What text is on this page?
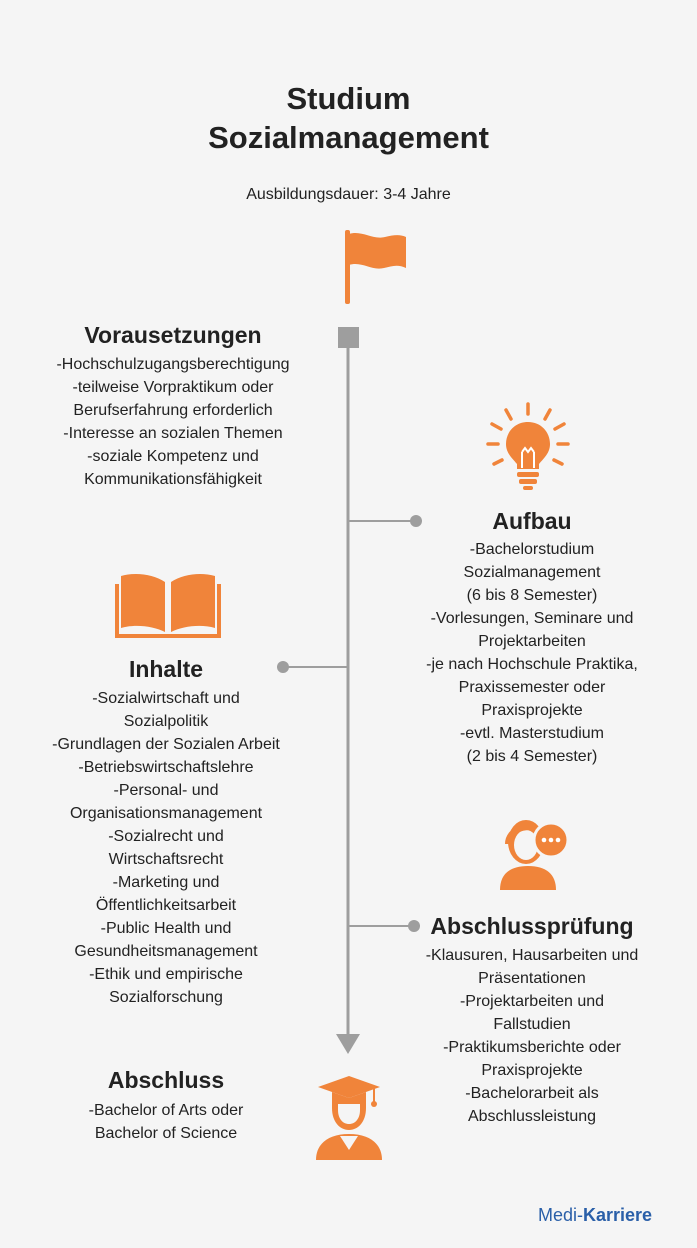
Studium
Sozialmanagement
Ausbildungsdauer: 3-4 Jahre
Vorausetzungen
-Hochschulzugangsberechtigung
-teilweise Vorpraktikum oder
Berufserfahrung erforderlich
-Interesse an sozialen Themen
-soziale Kompetenz und
Kommunikationsfähigkeit
Aufbau
-Bachelorstudium
Sozialmanagement
(6 bis 8 Semester)
-Vorlesungen, Seminare und
Projektarbeiten
-je nach Hochschule Praktika,
Praxissemester oder
Praxisprojekte
-evtl. Masterstudium
(2 bis 4 Semester)
Inhalte
-Sozialwirtschaft und
Sozialpolitik
-Grundlagen der Sozialen Arbeit
-Betriebswirtschaftslehre
-Personal- und
Organisationsmanagement
-Sozialrecht und
Wirtschaftsrecht
-Marketing und
Öffentlichkeitsarbeit
-Public Health und
Gesundheitsmanagement
-Ethik und empirische
Sozialforschung
Abschlussprüfung
-Klausuren, Hausarbeiten und
Präsentationen
-Projektarbeiten und
Fallstudien
-Praktikumsberichte oder
Praxisprojekte
-Bachelorarbeit als
Abschlussleistung
Abschluss
-Bachelor of Arts oder
Bachelor of Science
Medi-Karriere
